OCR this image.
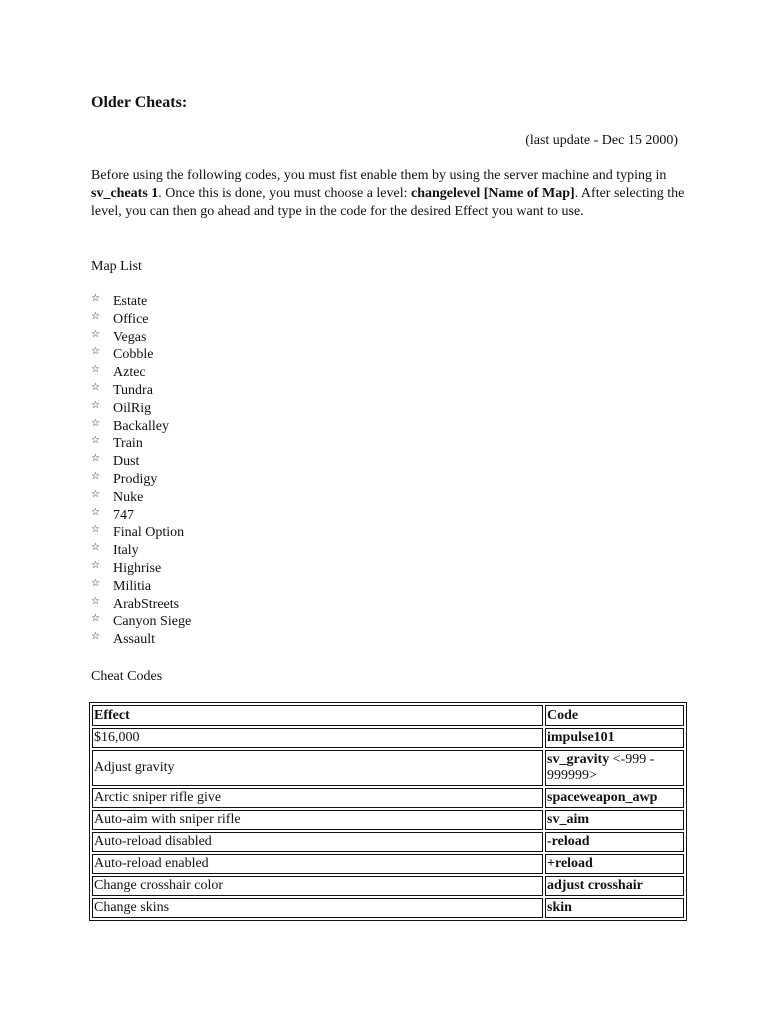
Older Cheats:
(last update - Dec 15 2000)

Before using the following codes, you must fist enable them by using the server machine and typing in sv_cheats 1. Once this is done, you must choose a level: changelevel [Name of Map]. After selecting the level, you can then go ahead and type in the code for the desired Effect you want to use.

Map List
☆ Estate
☆ Office
☆ Vegas
☆ Cobble
☆ Aztec
☆ Tundra
☆ OilRig
☆ Backalley
☆ Train
☆ Dust
☆ Prodigy
☆ Nuke
☆ 747
☆ Final Option
☆ Italy
☆ Highrise
☆ Militia
☆ ArabStreets
☆ Canyon Siege
☆ Assault
Cheat Codes
Effect	Code
$16,000	impulse101
Adjust gravity	sv_gravity <-999 - 999999>
Arctic sniper rifle give	spaceweapon_awp
Auto-aim with sniper rifle	sv_aim
Auto-reload disabled	-reload
Auto-reload enabled	+reload
Change crosshair color	adjust crosshair
Change skins	skin
